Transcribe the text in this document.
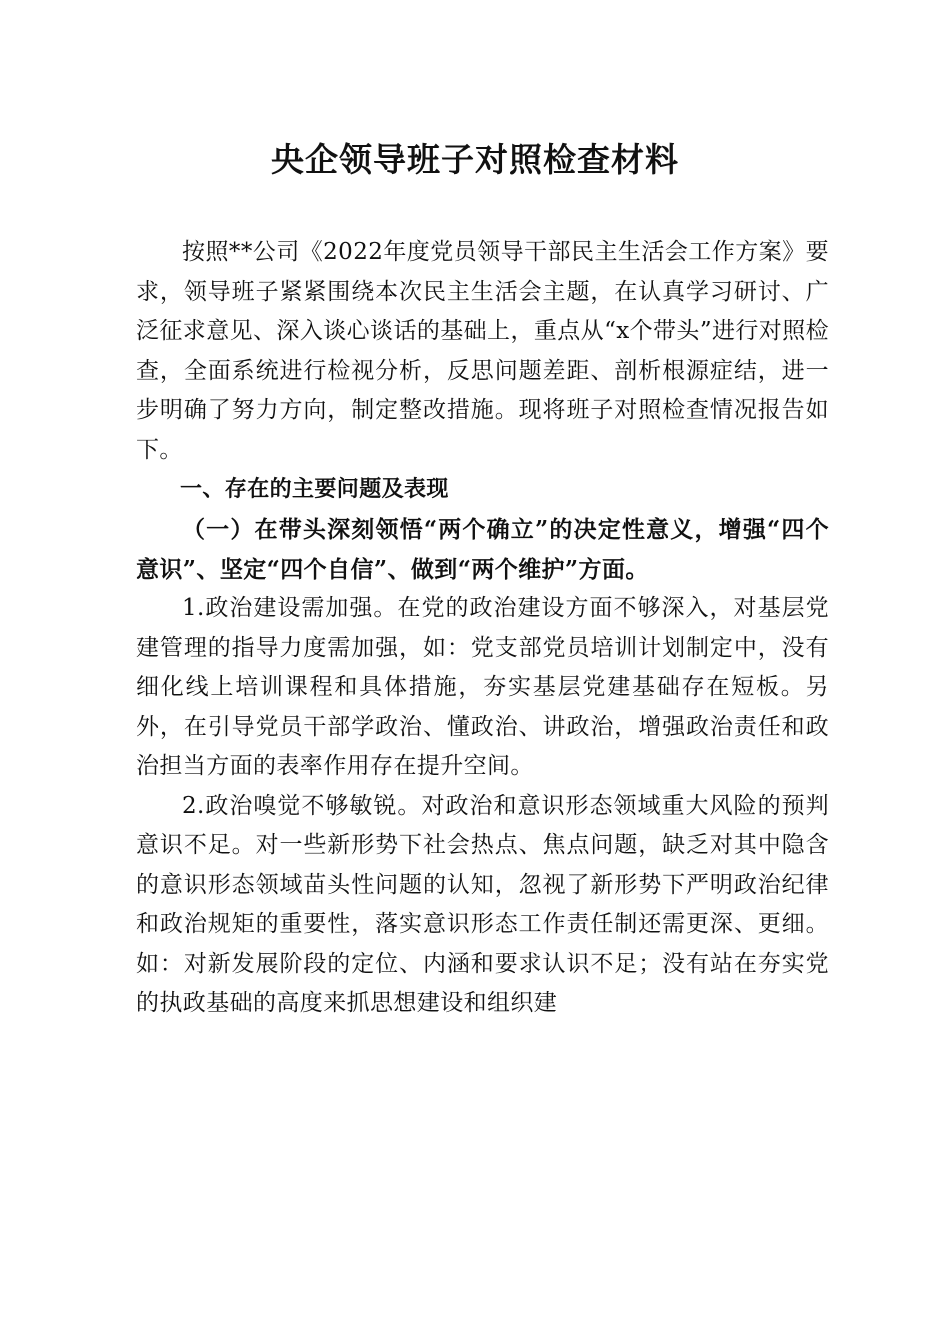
央企领导班子对照检查材料

按照**公司《2022年度党员领导干部民主生活会工作方案》要求，领导班子紧紧围绕本次民主生活会主题，在认真学习研讨、广泛征求意见、深入谈心谈话的基础上，重点从“x个带头”进行对照检查，全面系统进行检视分析，反思问题差距、剖析根源症结，进一步明确了努力方向，制定整改措施。现将班子对照检查情况报告如下。

一、存在的主要问题及表现

（一）在带头深刻领悟“两个确立”的决定性意义，增强“四个意识”、坚定“四个自信”、做到“两个维护”方面。

1.政治建设需加强。在党的政治建设方面不够深入，对基层党建管理的指导力度需加强，如：党支部党员培训计划制定中，没有细化线上培训课程和具体措施，夯实基层党建基础存在短板。另外，在引导党员干部学政治、懂政治、讲政治，增强政治责任和政治担当方面的表率作用存在提升空间。

2.政治嗅觉不够敏锐。对政治和意识形态领域重大风险的预判意识不足。对一些新形势下社会热点、焦点问题，缺乏对其中隐含的意识形态领域苗头性问题的认知，忽视了新形势下严明政治纪律和政治规矩的重要性，落实意识形态工作责任制还需更深、更细。如：对新发展阶段的定位、内涵和要求认识不足；没有站在夯实党的执政基础的高度来抓思想建设和组织建
